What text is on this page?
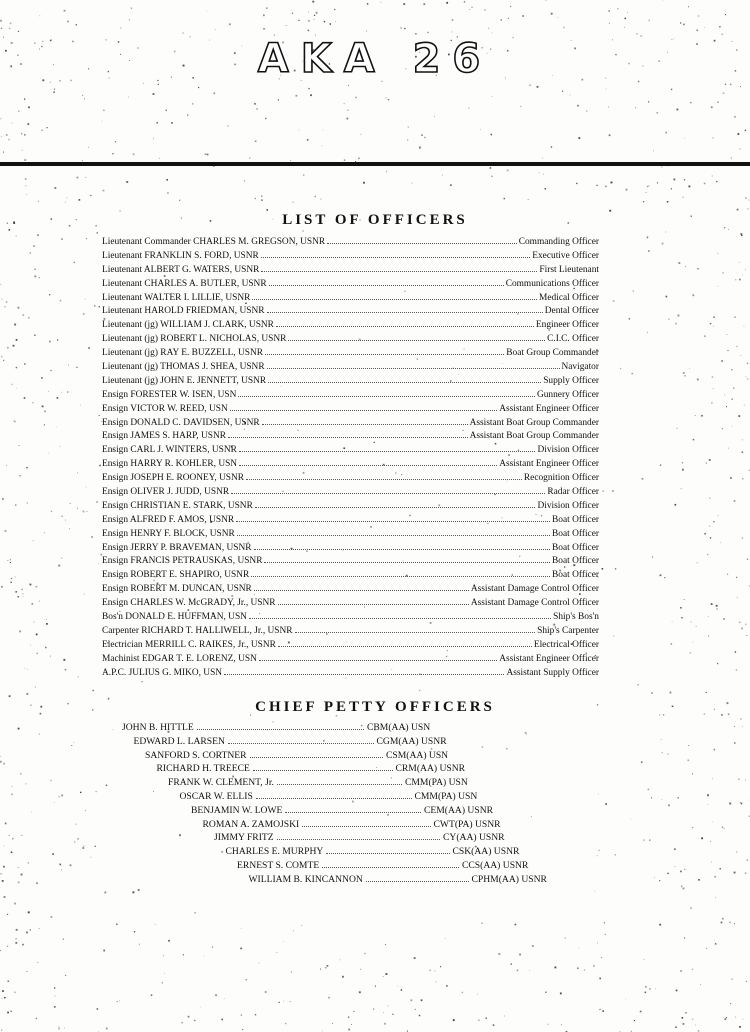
AKA 26
LIST OF OFFICERS
Lieutenant Commander CHARLES M. GREGSON, USNR	Commanding Officer
Lieutenant FRANKLIN S. FORD, USNR	Executive Officer
Lieutenant ALBERT G. WATERS, USNR	First Lieutenant
Lieutenant CHARLES A. BUTLER, USNR	Communications Officer
Lieutenant WALTER I. LILLIE, USNR	Medical Officer
Lieutenant HAROLD FRIEDMAN, USNR	Dental Officer
Lieutenant (jg) WILLIAM J. CLARK, USNR	Engineer Officer
Lieutenant (jg) ROBERT L. NICHOLAS, USNR	C.I.C. Officer
Lieutenant (jg) RAY E. BUZZELL, USNR	Boat Group Commander
Lieutenant (jg) THOMAS J. SHEA, USNR	Navigator
Lieutenant (jg) JOHN E. JENNETT, USNR	Supply Officer
Ensign FORESTER W. ISEN, USN	Gunnery Officer
Ensign VICTOR W. REED, USN	Assistant Engineer Officer
Ensign DONALD C. DAVIDSEN, USNR	Assistant Boat Group Commander
Ensign JAMES S. HARP, USNR	Assistant Boat Group Commander
Ensign CARL J. WINTERS, USNR	Division Officer
Ensign HARRY R. KOHLER, USN	Assistant Engineer Officer
Ensign JOSEPH E. ROONEY, USNR	Recognition Officer
Ensign OLIVER J. JUDD, USNR	Radar Officer
Ensign CHRISTIAN E. STARK, USNR	Division Officer
Ensign ALFRED F. AMOS, USNR	Boat Officer
Ensign HENRY F. BLOCK, USNR	Boat Officer
Ensign JERRY P. BRAVEMAN, USNR	Boat Officer
Ensign FRANCIS PETRAUSKAS, USNR	Boat Officer
Ensign ROBERT E. SHAPIRO, USNR	Boat Officer
Ensign ROBERT M. DUNCAN, USNR	Assistant Damage Control Officer
Ensign CHARLES W. McGRADY, Jr., USNR	Assistant Damage Control Officer
Bos'n DONALD E. HUFFMAN, USN	Ship's Bos'n
Carpenter RICHARD T. HALLIWELL, Jr., USNR	Ship's Carpenter
Electrician MERRILL C. RAIKES, Jr., USNR	Electrical Officer
Machinist EDGAR T. E. LORENZ, USN	Assistant Engineer Officer
A.P.C. JULIUS G. MIKO, USN	Assistant Supply Officer
CHIEF PETTY OFFICERS
JOHN B. HITTLE	CBM(AA) USN
EDWARD L. LARSEN	CGM(AA) USNR
SANFORD S. CORTNER	CSM(AA) USN
RICHARD H. TREECE	CRM(AA) USNR
FRANK W. CLEMENT, Jr.	CMM(PA) USN
OSCAR W. ELLIS	CMM(PA) USN
BENJAMIN W. LOWE	CEM(AA) USNR
ROMAN A. ZAMOJSKI	CWT(PA) USNR
JIMMY FRITZ	CY(AA) USNR
CHARLES E. MURPHY	CSK(AA) USNR
ERNEST S. COMTE	CCS(AA) USNR
WILLIAM B. KINCANNON	CPHM(AA) USNR
